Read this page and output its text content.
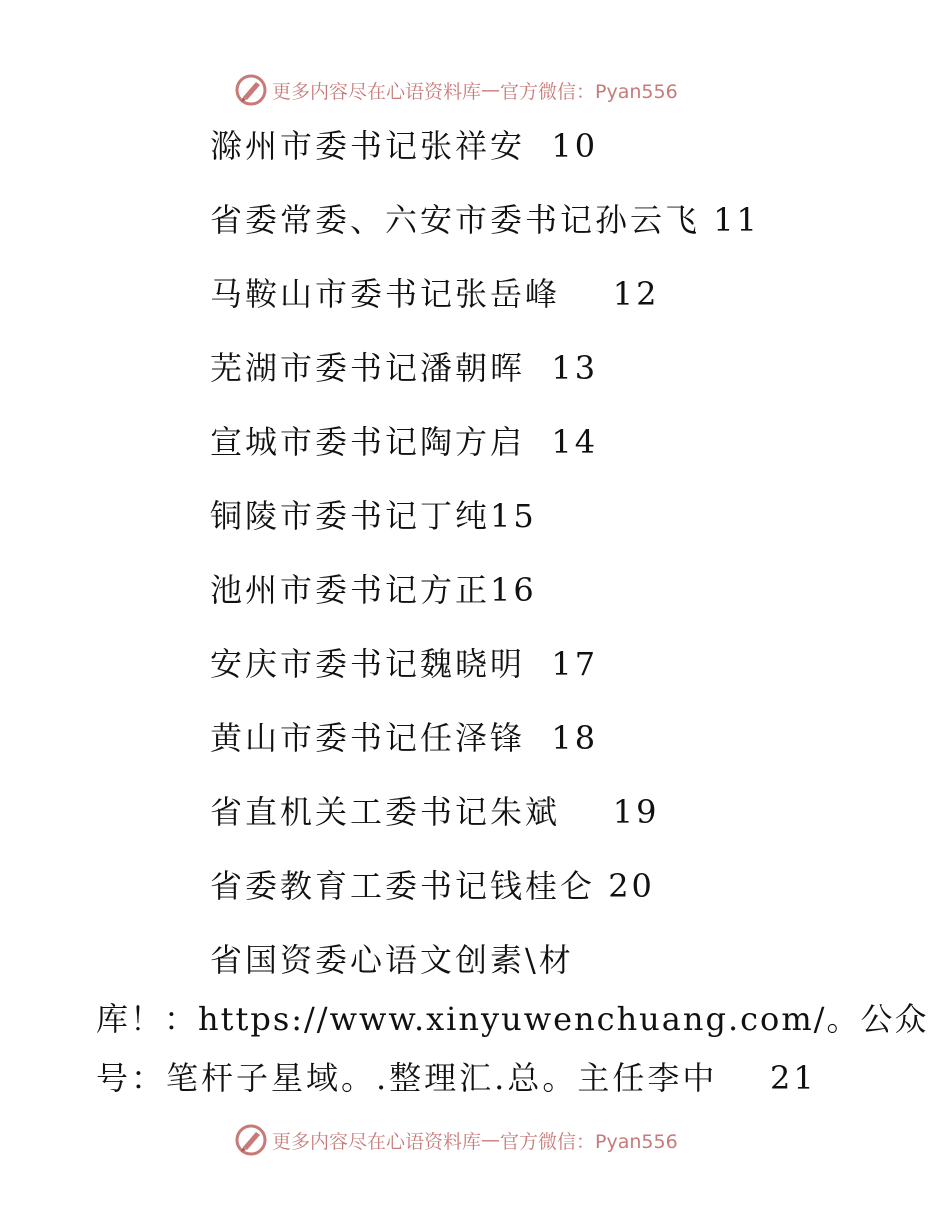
更多内容尽在心语资料库 — 官方微信：Pyan556
滁州市委书记张祥安 10
省委常委、六安市委书记孙云飞 11
马鞍山市委书记张岳峰 12
芜湖市委书记潘朝晖 13
宣城市委书记陶方启 14
铜陵市委书记丁纯15
池州市委书记方正16
安庆市委书记魏晓明 17
黄山市委书记任泽锋 18
省直机关工委书记朱斌 19
省委教育工委书记钱桂仑 20
省国资委心语文创素\材
库！：https://www.xinyuwenchuang.com/。公众
号：笔杆子星域。.整理汇.总。主任李中 21
更多内容尽在心语资料库 — 官方微信：Pyan556
